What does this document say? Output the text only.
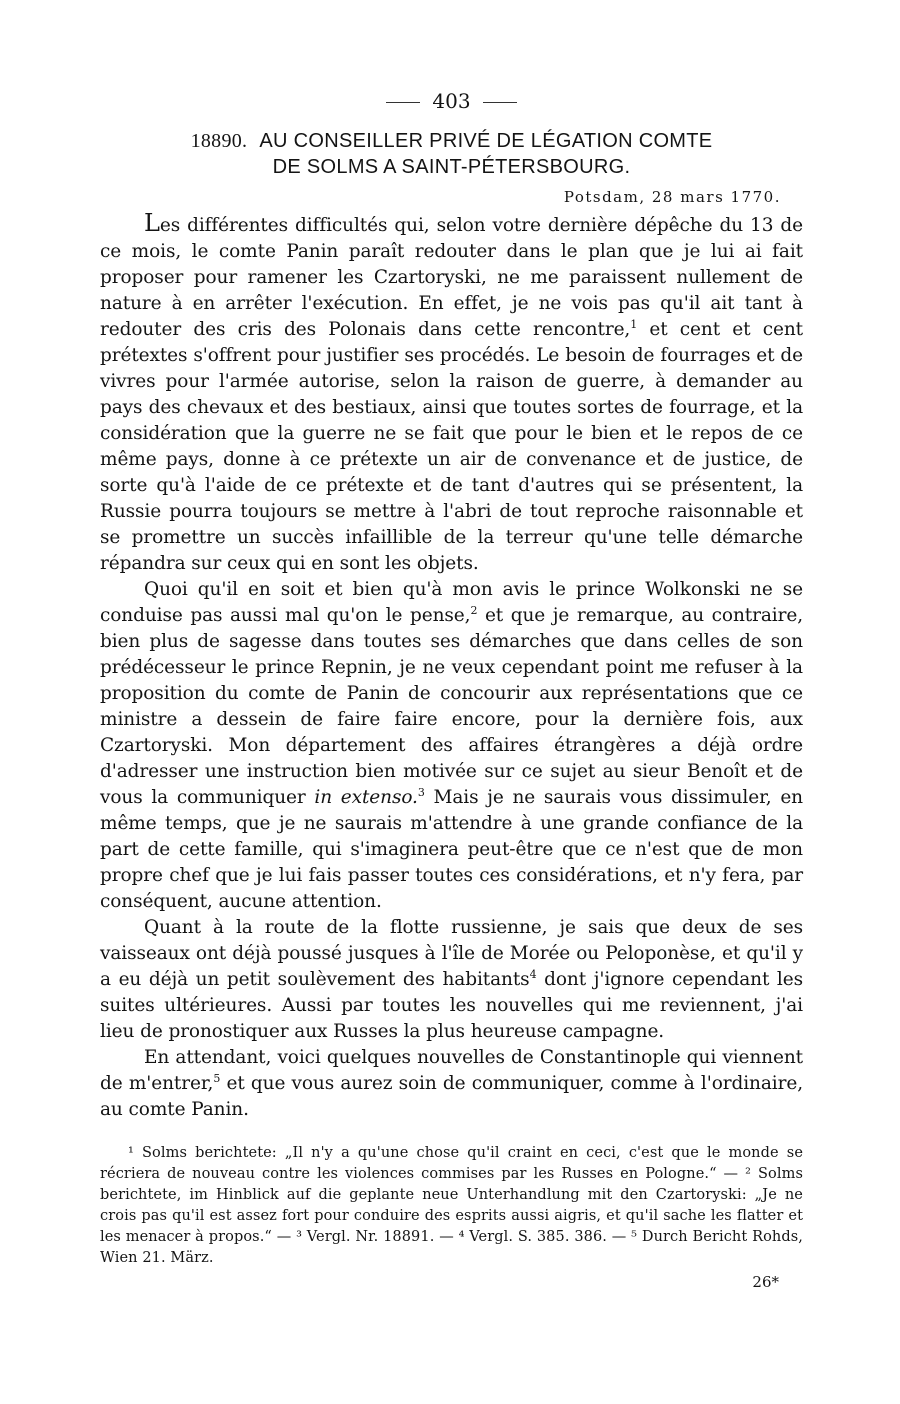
403
18890. AU CONSEILLER PRIVÉ DE LÉGATION COMTE
DE SOLMS A SAINT-PÉTERSBOURG.
Potsdam, 28 mars 1770.

Les différentes difficultés qui, selon votre dernière dépêche du 13 de ce mois, le comte Panin paraît redouter dans le plan que je lui ai fait proposer pour ramener les Czartoryski, ne me paraissent nullement de nature à en arrêter l'exécution. En effet, je ne vois pas qu'il ait tant à redouter des cris des Polonais dans cette rencontre,$^1$ et cent et cent prétextes s'offrent pour justifier ses procédés. Le besoin de fourrages et de vivres pour l'armée autorise, selon la raison de guerre, à demander au pays des chevaux et des bestiaux, ainsi que toutes sortes de fourrage, et la considération que la guerre ne se fait que pour le bien et le repos de ce même pays, donne à ce prétexte un air de convenance et de justice, de sorte qu'à l'aide de ce prétexte et de tant d'autres qui se présentent, la Russie pourra toujours se mettre à l'abri de tout reproche raisonnable et se promettre un succès infaillible de la terreur qu'une telle démarche répandra sur ceux qui en sont les objets.

Quoi qu'il en soit et bien qu'à mon avis le prince Wolkonski ne se conduise pas aussi mal qu'on le pense,$^2$ et que je remarque, au contraire, bien plus de sagesse dans toutes ses démarches que dans celles de son prédécesseur le prince Repnin, je ne veux cependant point me refuser à la proposition du comte de Panin de concourir aux représentations que ce ministre a dessein de faire faire encore, pour la dernière fois, aux Czartoryski. Mon département des affaires étrangères a déjà ordre d'adresser une instruction bien motivée sur ce sujet au sieur Benoît et de vous la communiquer in extenso.$^3$ Mais je ne saurais vous dissimuler, en même temps, que je ne saurais m'attendre à une grande confiance de la part de cette famille, qui s'imaginera peut-être que ce n'est que de mon propre chef que je lui fais passer toutes ces considérations, et n'y fera, par conséquent, aucune attention.

Quant à la route de la flotte russienne, je sais que deux de ses vaisseaux ont déjà poussé jusques à l'île de Morée ou Peloponèse, et qu'il y a eu déjà un petit soulèvement des habitants$^4$ dont j'ignore cependant les suites ultérieures. Aussi par toutes les nouvelles qui me reviennent, j'ai lieu de pronostiquer aux Russes la plus heureuse campagne.

En attendant, voici quelques nouvelles de Constantinople qui viennent de m'entrer,$^5$ et que vous aurez soin de communiquer, comme à l'ordinaire, au comte Panin.

¹ Solms berichtete: „Il n'y a qu'une chose qu'il craint en ceci, c'est que le monde se récriera de nouveau contre les violences commises par les Russes en Pologne.“ — ² Solms berichtete, im Hinblick auf die geplante neue Unterhandlung mit den Czartoryski: „Je ne crois pas qu'il est assez fort pour conduire des esprits aussi aigris, et qu'il sache les flatter et les menacer à propos.“ — ³ Vergl. Nr. 18891. — ⁴ Vergl. S. 385. 386. — ⁵ Durch Bericht Rohds, Wien 21. März.

26*
